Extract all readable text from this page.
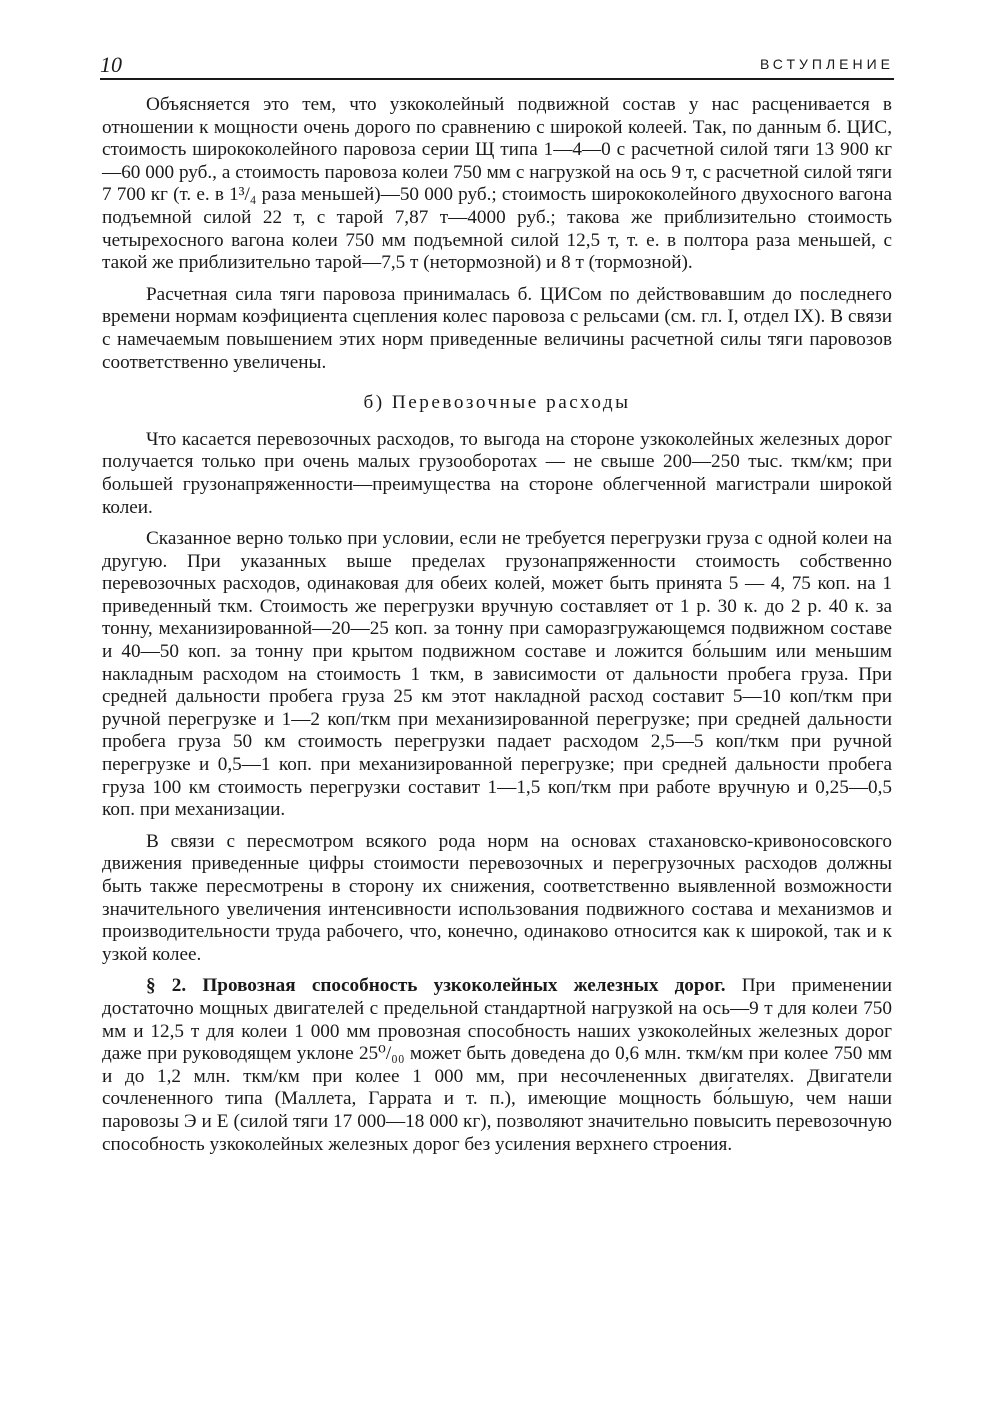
10	ВСТУПЛЕНИЕ

Объясняется это тем, что узкоколейный подвижной состав у нас расценивается в отношении к мощности очень дорого по сравнению с широкой колеей. Так, по данным б. ЦИС, стоимость ширококолейного паровоза серии Щ типа 1—4—0 с расчетной силой тяги 13 900 кг—60 000 руб., а стоимость паровоза колеи 750 мм с нагрузкой на ось 9 т, с расчетной силой тяги 7 700 кг (т. е. в 1³/₄ раза меньшей)—50 000 руб.; стоимость ширококолейного двухосного вагона подъемной силой 22 т, с тарой 7,87 т—4000 руб.; такова же приблизительно стоимость четырехосного вагона колеи 750 мм подъемной силой 12,5 т, т. е. в полтора раза меньшей, с такой же приблизительно тарой—7,5 т (нетормозной) и 8 т (тормозной).

Расчетная сила тяги паровоза принималась б. ЦИСом по действовавшим до последнего времени нормам коэфициента сцепления колес паровоза с рельсами (см. гл. I, отдел IX). В связи с намечаемым повышением этих норм приведенные величины расчетной силы тяги паровозов соответственно увеличены.

б) Перевозочные расходы

Что касается перевозочных расходов, то выгода на стороне узкоколейных железных дорог получается только при очень малых грузооборотах — не свыше 200—250 тыс. ткм/км; при большей грузонапряженности—преимущества на стороне облегченной магистрали широкой колеи.

Сказанное верно только при условии, если не требуется перегрузки груза с одной колеи на другую. При указанных выше пределах грузонапряженности стоимость собственно перевозочных расходов, одинаковая для обеих колей, может быть принята 5 — 4, 75 коп. на 1 приведенный ткм. Стоимость же перегрузки вручную составляет от 1 р. 30 к. до 2 р. 40 к. за тонну, механизированной—20—25 коп. за тонну при саморазгружающемся подвижном составе и 40—50 коп. за тонну при крытом подвижном составе и ложится бо́льшим или меньшим накладным расходом на стоимость 1 ткм, в зависимости от дальности пробега груза. При средней дальности пробега груза 25 км этот накладной расход составит 5—10 коп/ткм при ручной перегрузке и 1—2 коп/ткм при механизированной перегрузке; при средней дальности пробега груза 50 км стоимость перегрузки падает расходом 2,5—5 коп/ткм при ручной перегрузке и 0,5—1 коп. при механизированной перегрузке; при средней дальности пробега груза 100 км стоимость перегрузки составит 1—1,5 коп/ткм при работе вручную и 0,25—0,5 коп. при механизации.

В связи с пересмотром всякого рода норм на основах стахановско-кривоносовского движения приведенные цифры стоимости перевозочных и перегрузочных расходов должны быть также пересмотрены в сторону их снижения, соответственно выявленной возможности значительного увеличения интенсивности использования подвижного состава и механизмов и производительности труда рабочего, что, конечно, одинаково относится как к широкой, так и к узкой колее.

§ 2. Провозная способность узкоколейных железных дорог. При применении достаточно мощных двигателей с предельной стандартной нагрузкой на ось—9 т для колеи 750 мм и 12,5 т для колеи 1 000 мм провозная способность наших узкоколейных железных дорог даже при руководящем уклоне 25⁰/₀₀ может быть доведена до 0,6 млн. ткм/км при колее 750 мм и до 1,2 млн. ткм/км при колее 1 000 мм, при несочлененных двигателях. Двигатели сочлененного типа (Маллета, Гаррата и т. п.), имеющие мощность бо́льшую, чем наши паровозы Э и Е (силой тяги 17 000—18 000 кг), позволяют значительно повысить перевозочную способность узкоколейных железных дорог без усиления верхнего строения.
